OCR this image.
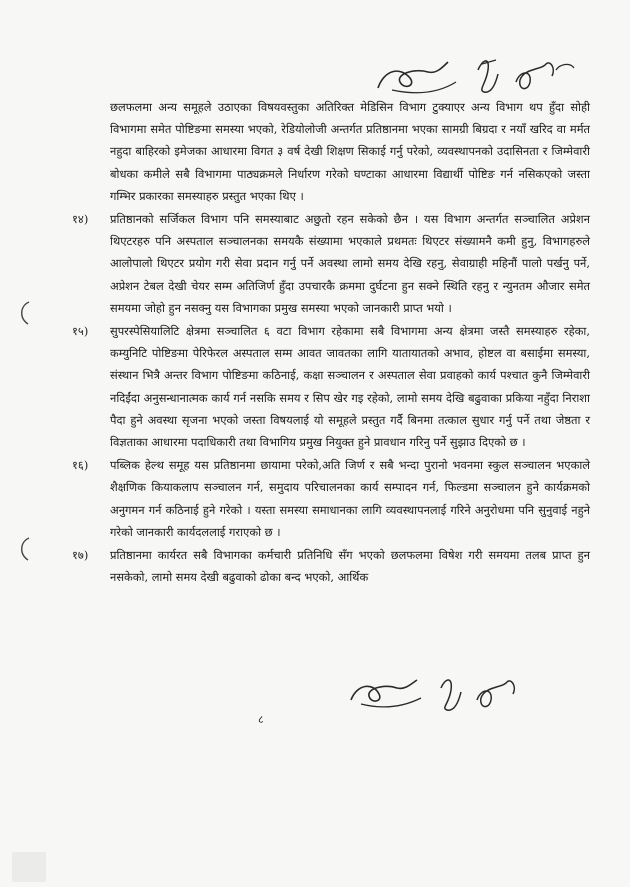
छलफलमा अन्य समूहले उठाएका विषयवस्तुका अतिरिक्त मेडिसिन विभाग टुक्याएर अन्य विभाग थप हुँदा सोही विभागमा समेत पोष्टिङमा समस्या भएको, रेडियोलोजी अन्तर्गत प्रतिष्ठानमा भएका सामग्री बिग्रदा र नयाँ खरिद वा मर्मत नहुदा बाहिरको इमेजका आधारमा विगत ३ वर्ष देखी शिक्षण सिकाई गर्नु परेको, व्यवस्थापनको उदासिनता र जिम्मेवारी बोधका कमीले सबै विभागमा पाठ्यक्रमले निर्धारण गरेको घण्टाका आधारमा विद्यार्थी पोष्टिङ गर्न नसिकएको जस्ता गम्भिर प्रकारका समस्याहरु प्रस्तुत भएका थिए ।
१४)	प्रतिष्ठानको सर्जिकल विभाग पनि समस्याबाट अछुतो रहन सकेको छैन । यस विभाग अन्तर्गत सञ्चालित अप्रेशन थिएटरहरु पनि अस्पताल सञ्चालनका समयकै संख्यामा भएकाले प्रथमतः थिएटर संख्यामनै कमी हुनु, विभागहरुले आलोपालो थिएटर प्रयोग गरी सेवा प्रदान गर्नु पर्ने अवस्था लामो समय देखि रहनु, सेवाग्राही महिनौं पालो पर्खनु पर्ने, अप्रेशन टेबल देखी चेयर सम्म अतिजिर्ण हुँदा उपचारकै क्रममा दुर्घटना हुन सक्ने स्थिति रहनु र न्युनतम औजार समेत समयमा जोहो हुन नसक्नु यस विभागका प्रमुख समस्या भएको जानकारी प्राप्त भयो ।
१५)	सुपरस्पेसियालिटि क्षेत्रमा सञ्चालित ६ वटा विभाग रहेकामा सबै विभागमा अन्य क्षेत्रमा जस्तै समस्याहरु रहेका, कम्युनिटि पोष्टिङमा पेरिफेरल अस्पताल सम्म आवत जावतका लागि यातायातको अभाव, होष्टल वा बसाईमा समस्या, संस्थान भित्रै अन्तर विभाग पोष्टिङमा कठिनाई, कक्षा सञ्चालन र अस्पताल सेवा प्रवाहको कार्य पश्चात कुनै जिम्मेवारी नदिईंदा अनुसन्धानात्मक कार्य गर्न नसकि समय र सिप खेर गइ रहेको, लामो समय देखि बढुवाका प्रकिया नहुँदा निराशा पैदा हुने अवस्था सृजना भएको जस्ता विषयलाई यो समूहले प्रस्तुत गर्दै बिनमा तत्काल सुधार गर्नु पर्ने तथा जेष्ठता र विज्ञताका आधारमा पदाधिकारी तथा विभागिय प्रमुख नियुक्त हुने प्रावधान गरिनु पर्ने सुझाउ दिएको छ ।
१६)	पब्लिक हेल्थ समूह यस प्रतिष्ठानमा छायामा परेको,अति जिर्ण र सबै भन्दा पुरानो भवनमा स्कुल सञ्चालन भएकाले शैक्षणिक कियाकलाप सञ्चालन गर्न, समुदाय परिचालनका कार्य सम्पादन गर्न, फिल्डमा सञ्चालन हुने कार्यक्रमको अनुगमन गर्न कठिनाई हुने गरेको । यस्ता समस्या समाधानका लागि व्यवस्थापनलाई गरिने अनुरोधमा पनि सुनुवाई नहुने गरेको जानकारी कार्यदललाई गराएको छ ।
१७)	प्रतिष्ठानमा कार्यरत सबै विभागका कर्मचारी प्रतिनिधि सँग भएको छलफलमा विषेश गरी समयमा तलब प्राप्त हुन नसकेको, लामो समय देखी बढुवाको ढोका बन्द भएको, आर्थिक
८
